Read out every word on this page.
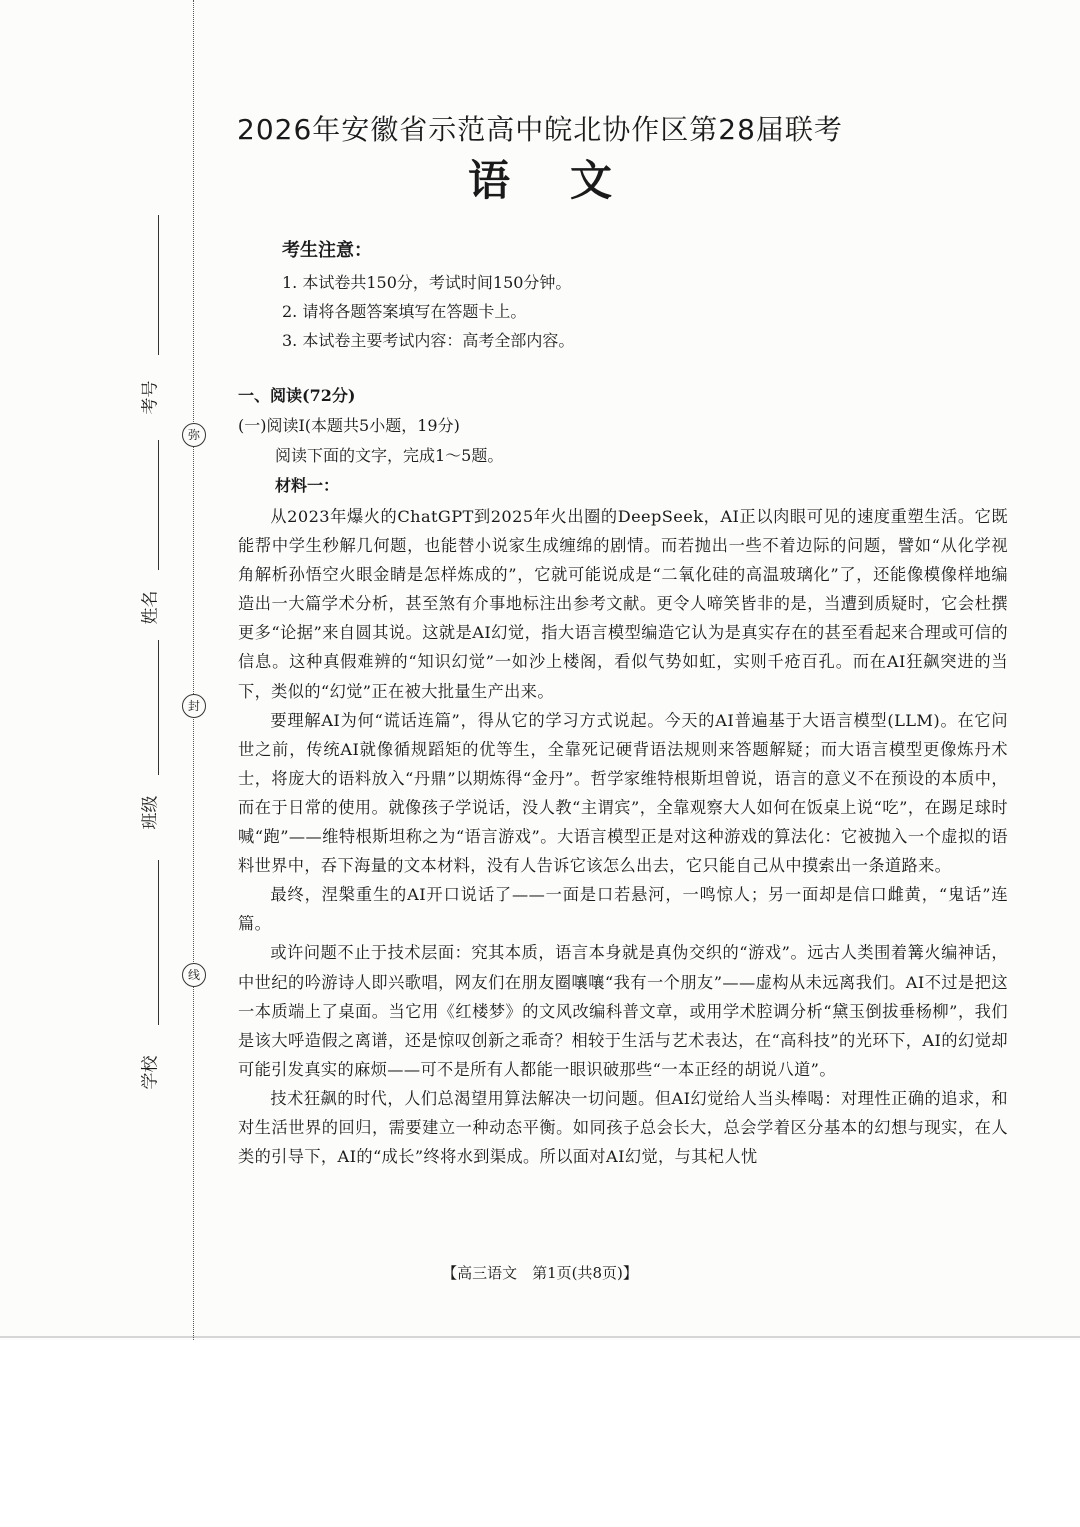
考号
姓名
班级
学校
弥
封
线
2026年安徽省示范高中皖北协作区第28届联考
语文
考生注意：
1. 本试卷共150分，考试时间150分钟。
2. 请将各题答案填写在答题卡上。
3. 本试卷主要考试内容：高考全部内容。
一、阅读(72分)
(一)阅读Ⅰ(本题共5小题，19分)
阅读下面的文字，完成1～5题。
材料一：

从2023年爆火的ChatGPT到2025年火出圈的DeepSeek，AI正以肉眼可见的速度重塑生活。它既能帮中学生秒解几何题，也能替小说家生成缠绵的剧情。而若抛出一些不着边际的问题，譬如“从化学视角解析孙悟空火眼金睛是怎样炼成的”，它就可能说成是“二氧化硅的高温玻璃化”了，还能像模像样地编造出一大篇学术分析，甚至煞有介事地标注出参考文献。更令人啼笑皆非的是，当遭到质疑时，它会杜撰更多“论据”来自圆其说。这就是AI幻觉，指大语言模型编造它认为是真实存在的甚至看起来合理或可信的信息。这种真假难辨的“知识幻觉”一如沙上楼阁，看似气势如虹，实则千疮百孔。而在AI狂飙突进的当下，类似的“幻觉”正在被大批量生产出来。

要理解AI为何“谎话连篇”，得从它的学习方式说起。今天的AI普遍基于大语言模型(LLM)。在它问世之前，传统AI就像循规蹈矩的优等生，全靠死记硬背语法规则来答题解疑；而大语言模型更像炼丹术士，将庞大的语料放入“丹鼎”以期炼得“金丹”。哲学家维特根斯坦曾说，语言的意义不在预设的本质中，而在于日常的使用。就像孩子学说话，没人教“主谓宾”，全靠观察大人如何在饭桌上说“吃”，在踢足球时喊“跑”——维特根斯坦称之为“语言游戏”。大语言模型正是对这种游戏的算法化：它被抛入一个虚拟的语料世界中，吞下海量的文本材料，没有人告诉它该怎么出去，它只能自己从中摸索出一条道路来。

最终，涅槃重生的AI开口说话了——一面是口若悬河，一鸣惊人；另一面却是信口雌黄，“鬼话”连篇。

或许问题不止于技术层面：究其本质，语言本身就是真伪交织的“游戏”。远古人类围着篝火编神话，中世纪的吟游诗人即兴歌唱，网友们在朋友圈嚷嚷“我有一个朋友”——虚构从未远离我们。AI不过是把这一本质端上了桌面。当它用《红楼梦》的文风改编科普文章，或用学术腔调分析“黛玉倒拔垂杨柳”，我们是该大呼造假之离谱，还是惊叹创新之乖奇？相较于生活与艺术表达，在“高科技”的光环下，AI的幻觉却可能引发真实的麻烦——可不是所有人都能一眼识破那些“一本正经的胡说八道”。

技术狂飙的时代，人们总渴望用算法解决一切问题。但AI幻觉给人当头棒喝：对理性正确的追求，和对生活世界的回归，需要建立一种动态平衡。如同孩子总会长大，总会学着区分基本的幻想与现实，在人类的引导下，AI的“成长”终将水到渠成。所以面对AI幻觉，与其杞人忧

【高三语文　第1页(共8页)】
